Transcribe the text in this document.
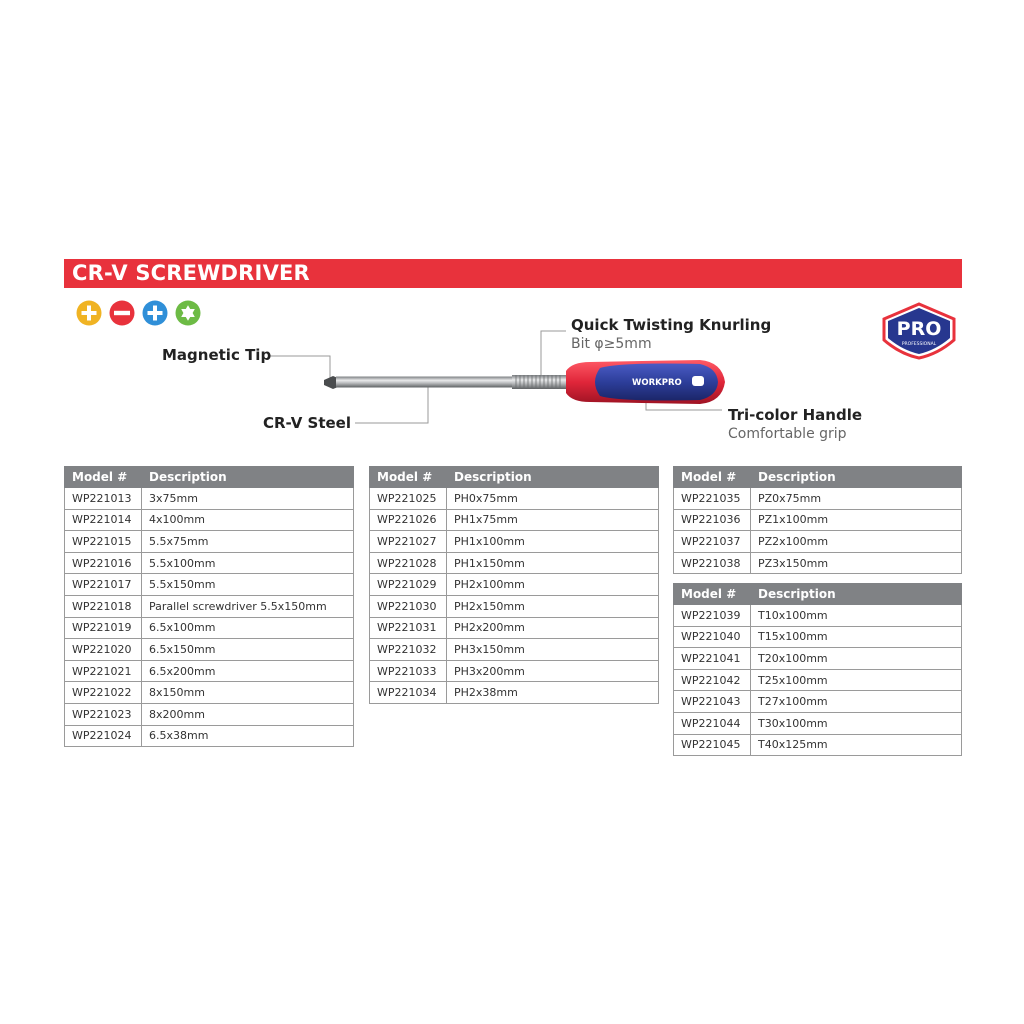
CR-V SCREWDRIVER
WORKPRO
Magnetic Tip
CR-V Steel
Quick Twisting Knurling
Bit φ≥5mm
Tri-color Handle
Comfortable grip
PRO
PROFESSIONAL
Model #	Description
WP221013	3x75mm
WP221014	4x100mm
WP221015	5.5x75mm
WP221016	5.5x100mm
WP221017	5.5x150mm
WP221018	Parallel screwdriver 5.5x150mm
WP221019	6.5x100mm
WP221020	6.5x150mm
WP221021	6.5x200mm
WP221022	8x150mm
WP221023	8x200mm
WP221024	6.5x38mm
Model #	Description
WP221025	PH0x75mm
WP221026	PH1x75mm
WP221027	PH1x100mm
WP221028	PH1x150mm
WP221029	PH2x100mm
WP221030	PH2x150mm
WP221031	PH2x200mm
WP221032	PH3x150mm
WP221033	PH3x200mm
WP221034	PH2x38mm
Model #	Description
WP221035	PZ0x75mm
WP221036	PZ1x100mm
WP221037	PZ2x100mm
WP221038	PZ3x150mm
Model #	Description
WP221039	T10x100mm
WP221040	T15x100mm
WP221041	T20x100mm
WP221042	T25x100mm
WP221043	T27x100mm
WP221044	T30x100mm
WP221045	T40x125mm
